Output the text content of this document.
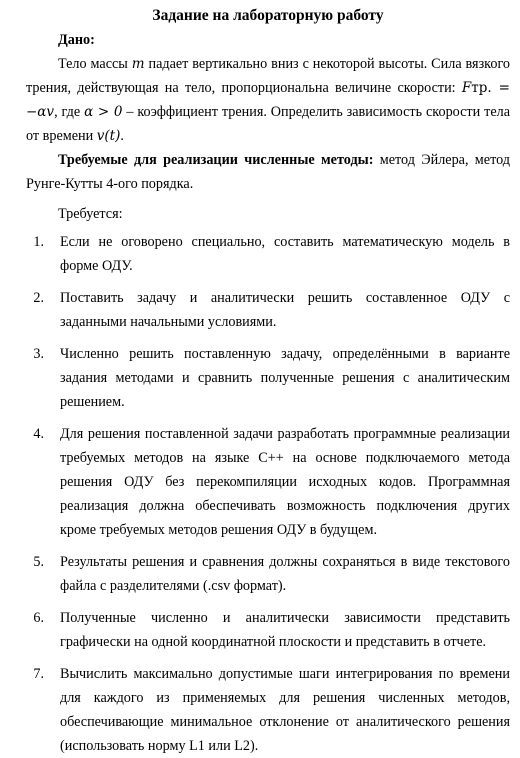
Задание на лабораторную работу

Дано:

Тело массы m падает вертикально вниз с некоторой высоты. Сила вязкого трения, действующая на тело, пропорциональна величине скорости: Fтр. = −αv, где α > 0 – коэффициент трения. Определить зависимость скорости тела от времени v(t).

Требуемые для реализации численные методы: метод Эйлера, метод Рунге-Кутты 4-ого порядка.

Требуется:

1 .	Если не оговорено специально, составить математическую модель в форме ОДУ.
2 .	Поставить задачу и аналитически решить составленное ОДУ с заданными начальными условиями.
3 .	Численно решить поставленную задачу, определёнными в варианте задания методами и сравнить полученные решения с аналитическим решением.
4 .	Для решения поставленной задачи разработать программные реализации требуемых методов на языке C++ на основе подключаемого метода решения ОДУ без перекомпиляции исходных кодов. Программная реализация должна обеспечивать возможность подключения других кроме требуемых методов решения ОДУ в будущем.
5 .	Результаты решения и сравнения должны сохраняться в виде текстового файла с разделителями (.csv формат).
6 .	Полученные численно и аналитически зависимости представить графически на одной координатной плоскости и представить в отчете.
7 .	Вычислить максимально допустимые шаги интегрирования по времени для каждого из применяемых для решения численных методов, обеспечивающие минимальное отклонение от аналитического решения (использовать норму L1 или L2).
